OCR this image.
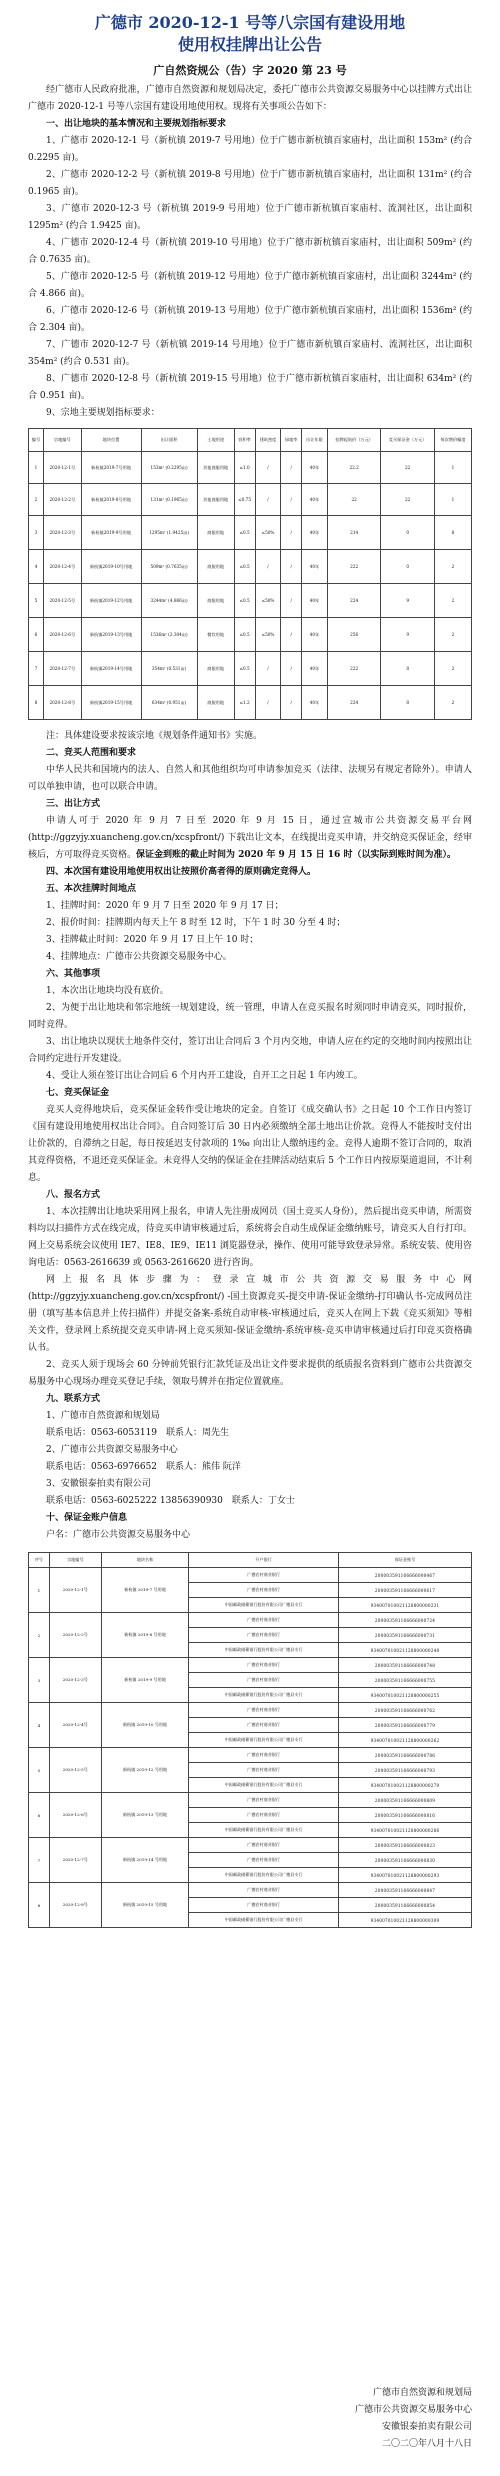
广德市 2020-12-1 号等八宗国有建设用地
使用权挂牌出让公告
广自然资规公（告）字 2020 第 23 号

经广德市人民政府批准，广德市自然资源和规划局决定，委托广德市公共资源交易服务中心以挂牌方式出让广德市 2020-12-1 号等八宗国有建设用地使用权。现将有关事项公告如下：

一、出让地块的基本情况和主要规划指标要求

1、广德市 2020-12-1 号（新杭镇 2019-7 号用地）位于广德市新杭镇百家庙村，出让面积 153m² (约合 0.2295 亩)。

2、广德市 2020-12-2 号（新杭镇 2019-8 号用地）位于广德市新杭镇百家庙村，出让面积 131m² (约合 0.1965 亩)。

3、广德市 2020-12-3 号（新杭镇 2019-9 号用地）位于广德市新杭镇百家庙村、流洞社区，出让面积 1295m² (约合 1.9425 亩)。

4、广德市 2020-12-4 号（新杭镇 2019-10 号用地）位于广德市新杭镇百家庙村，出让面积 509m² (约合 0.7635 亩)。

5、广德市 2020-12-5 号（新杭镇 2019-12 号用地）位于广德市新杭镇百家庙村，出让面积 3244m² (约合 4.866 亩)。

6、广德市 2020-12-6 号（新杭镇 2019-13 号用地）位于广德市新杭镇百家庙村，出让面积 1536m² (约合 2.304 亩)。

7、广德市 2020-12-7 号（新杭镇 2019-14 号用地）位于广德市新杭镇百家庙村、流洞社区，出让面积 354m² (约合 0.531 亩)。

8、广德市 2020-12-8 号（新杭镇 2019-15 号用地）位于广德市新杭镇百家庙村，出让面积 634m² (约合 0.951 亩)。

9、宗地主要规划指标要求：

编号	宗地编号	地块位置	出让面积	土地用途	容积率	建筑密度	绿地率	出让年限	挂牌起始价（万元）	竞买保证金（万元）	每次增价幅度
1	2020-12-1号	新杭镇2019-7号用地	153m² (0.2295亩)	其他商服用地	≤1.0	/	/	40年	22.2	22	1
2	2020-12-2号	新杭镇2019-8号用地	131m² (0.1965亩)	其他商服用地	≤0.75	/	/	40年	22	22	1
3	2020-12-3号	新杭镇2019-9号用地	1295m² (1.9425亩)	商服用地	≤0.5	≤50%	/	40年	214	0	8
4	2020-12-4号	新杭镇2019-10号用地	509m² (0.7635亩)	商服用地	≤0.5	/	/	40年	222	0	2
5	2020-12-5号	新杭镇2019-12号用地	3244m² (4.866亩)	商服用地	≤0.5	≤50%	/	40年	224	9	2
6	2020-12-6号	新杭镇2019-13号用地	1536m² (2.304亩)	餐饮用地	≤0.5	≤50%	/	40年	256	9	2
7	2020-12-7号	新杭镇2019-14号用地	354m² (0.531亩)	商服用地	≤0.5	/	/	40年	222	8	2
8	2020-12-8号	新杭镇2019-15号用地	634m² (0.951亩)	商服用地	≤1.2	/	/	40年	224	8	2

注：具体建设要求按该宗地《规划条件通知书》实施。

二、竞买人范围和要求

中华人民共和国境内的法人、自然人和其他组织均可申请参加竞买（法律、法规另有规定者除外）。申请人可以单独申请，也可以联合申请。

三、出让方式

申请人可于 2020 年 9 月 7 日至 2020 年 9 月 15 日，通过宣城市公共资源交易平台网 (http://ggzyjy.xuancheng.gov.cn/xcspfront/) 下载出让文本，在线提出竞买申请，并交纳竞买保证金，经审核后，方可取得竞买资格。保证金到账的截止时间为 2020 年 9 月 15 日 16 时（以实际到账时间为准）。

四、本次国有建设用地使用权出让按照价高者得的原则确定竞得人。

五、本次挂牌时间地点

1、挂牌时间：2020 年 9 月 7 日至 2020 年 9 月 17 日；

2、报价时间：挂牌期内每天上午 8 时至 12 时，下午 1 时 30 分至 4 时；

3、挂牌截止时间：2020 年 9 月 17 日上午 10 时；

4、挂牌地点：广德市公共资源交易服务中心。

六、其他事项

1、本次出让地块均没有底价。

2、为便于出让地块和邻宗地统一规划建设，统一管理，申请人在竞买报名时须同时申请竞买，同时报价，同时竞得。

3、出让地块以现状土地条件交付，签订出让合同后 3 个月内交地，申请人应在约定的交地时间内按照出让合同约定进行开发建设。

4、受让人须在签订出让合同后 6 个月内开工建设，自开工之日起 1 年内竣工。

七、竞买保证金

竞买人竞得地块后，竞买保证金转作受让地块的定金。自签订《成交确认书》之日起 10 个工作日内签订《国有建设用地使用权出让合同》。自合同签订后 30 日内必须缴纳全部土地出让价款。竞得人不能按时支付出让价款的，自滞纳之日起，每日按延迟支付款项的 1‰ 向出让人缴纳违约金。竞得人逾期不签订合同的，取消其竞得资格，不退还竞买保证金。未竞得人交纳的保证金在挂牌活动结束后 5 个工作日内按原渠道退回，不计利息。

八、报名方式

1、本次挂牌出让地块采用网上报名，申请人先注册成网员（国土竞买人身份），然后提出竞买申请，所需资料均以扫描件方式在线完成，待竞买申请审核通过后，系统将会自动生成保证金缴纳账号，请竞买人自行打印。网上交易系统会议使用 IE7、IE8、IE9、IE11 浏览器登录，操作、使用可能导致登录异常。系统安装、使用咨询电话：0563-2616639 或 0563-2616620 进行咨询。

网上报名具体步骤为：登录宣城市公共资源交易服务中心网 (http://ggzyjy.xuancheng.gov.cn/xcspfront/) -国土资源竞买-提交申请-保证金缴纳-打印确认书-完成网员注册（填写基本信息并上传扫描件）并提交备案-系统自动审核-审核通过后，竞买人在网上下载《竞买须知》等相关文件，登录网上系统提交竞买申请-网上竞买须知-保证金缴纳-系统审核-竞买申请审核通过后打印竞买资格确认书。

2、竞买人须于现场会 60 分钟前凭银行汇款凭证及出让文件要求提供的纸质报名资料到广德市公共资源交易服务中心现场办理竞买登记手续，领取号牌并在指定位置就座。

九、联系方式

1、广德市自然资源和规划局

联系电话：0563-6053119　联系人：周先生

2、广德市公共资源交易服务中心

联系电话：0563-6976652　联系人：熊伟 阮洋

3、安徽银泰拍卖有限公司

联系电话：0563-6025222 13856390930　联系人：丁女士

十、保证金账户信息

户名：广德市公共资源交易服务中心

序号	宗地编号	地块名称	开户银行	保证金账号
1	2020-12-1号	新杭镇 2019-7 号用地	广德农村商业银行	200003591166666000467
			广德农村商业银行	200003591166666000617
			中国邮政储蓄银行股份有限公司广德县支行	934007010021128800000231
2	2020-12-2号	新杭镇 2019-8 号用地	广德农村商业银行	200003591166666000724
			广德农村商业银行	200003591166666000731
			中国邮政储蓄银行股份有限公司广德县支行	934007010021128800000248
3	2020-12-3号	新杭镇 2019-9 号用地	广德农村商业银行	200003591166666000748
			广德农村商业银行	200003591166666000755
			中国邮政储蓄银行股份有限公司广德县支行	934007010021128800000255
4	2020-12-4号	新杭镇 2019-10 号用地	广德农村商业银行	200003591166666000762
			广德农村商业银行	200003591166666000779
			中国邮政储蓄银行股份有限公司广德县支行	934007010021128800000262
5	2020-12-5号	新杭镇 2019-12 号用地	广德农村商业银行	200003591166666000786
			广德农村商业银行	200003591166666000793
			中国邮政储蓄银行股份有限公司广德县支行	934007010021128800000279
6	2020-12-6号	新杭镇 2019-13 号用地	广德农村商业银行	200003591166666000809
			广德农村商业银行	200003591166666000816
			中国邮政储蓄银行股份有限公司广德县支行	934007010021128800000286
7	2020-12-7号	新杭镇 2019-14 号用地	广德农村商业银行	200003591166666000823
			广德农村商业银行	200003591166666000830
			中国邮政储蓄银行股份有限公司广德县支行	934007010021128800000293
8	2020-12-8号	新杭镇 2019-15 号用地	广德农村商业银行	200003591166666000847
			广德农村商业银行	200003591166666000854
			中国邮政储蓄银行股份有限公司广德县支行	934007010021128800000309
广德市自然资源和规划局
广德市公共资源交易服务中心
安徽银泰拍卖有限公司
二〇二〇年八月十八日
